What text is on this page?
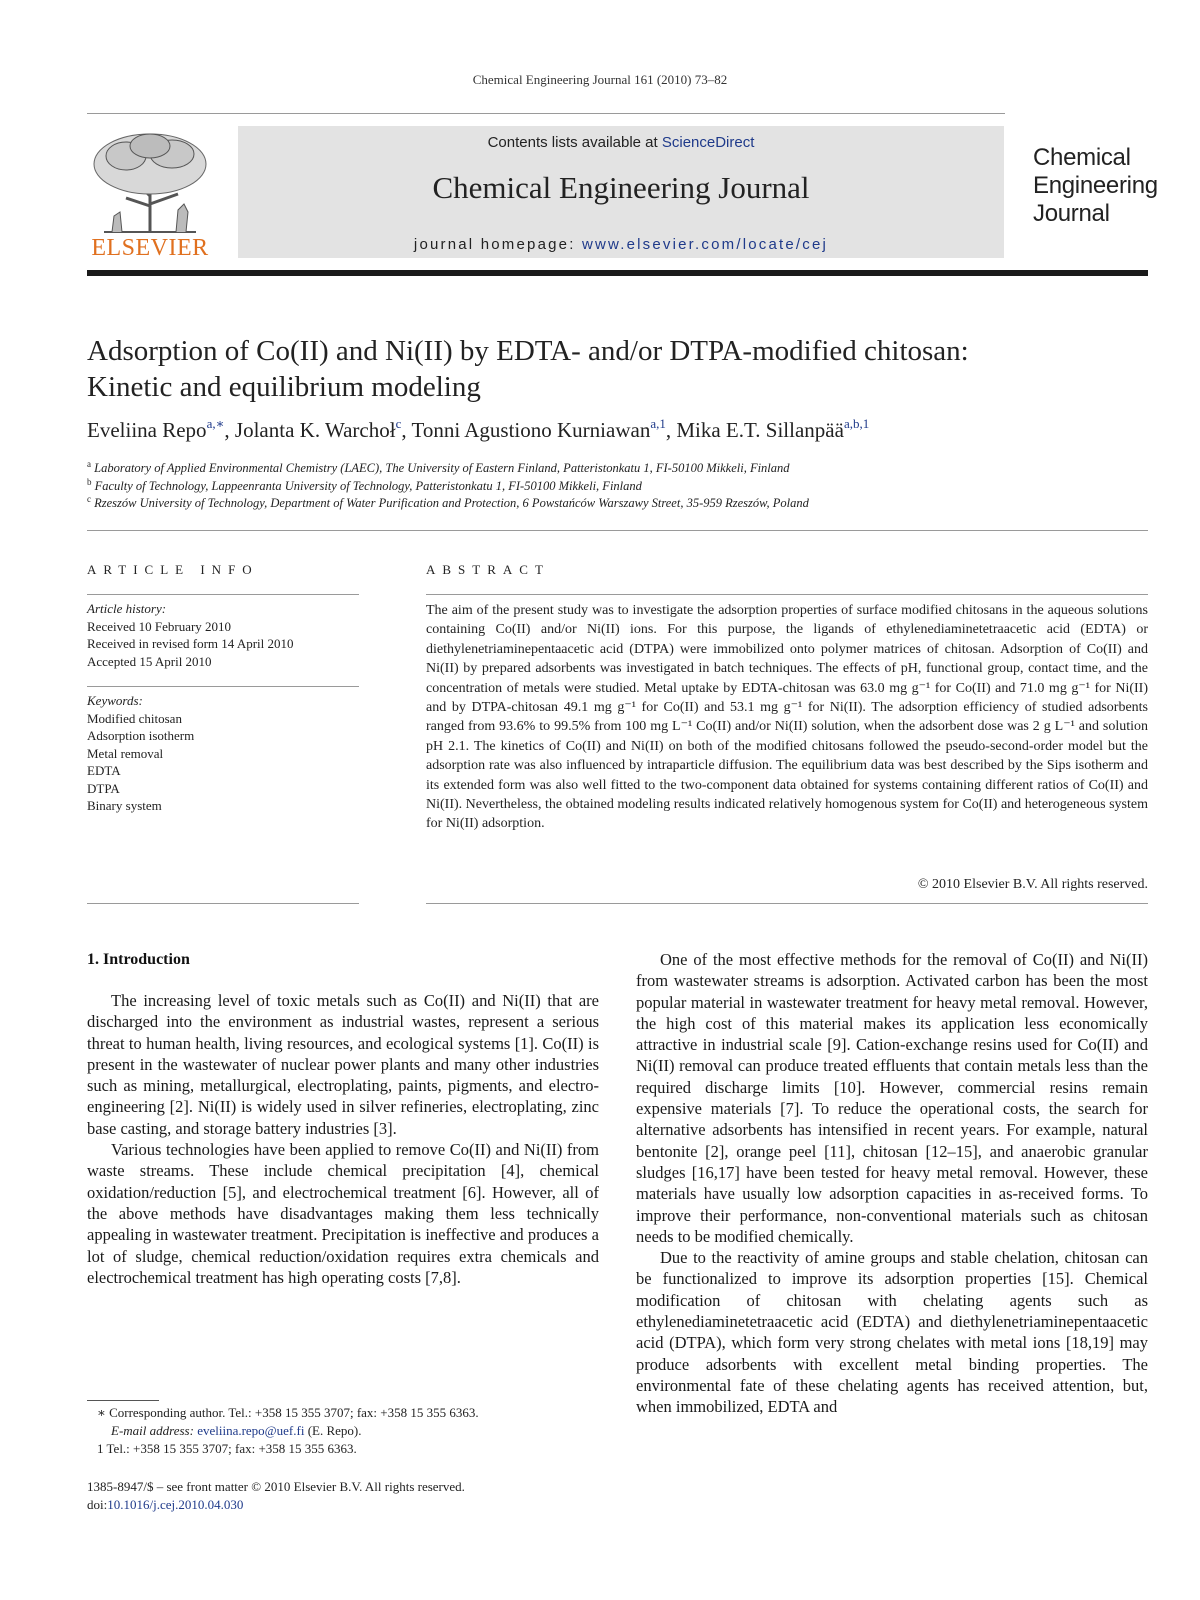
Chemical Engineering Journal 161 (2010) 73–82
ELSEVIER
Contents lists available at ScienceDirect
Chemical Engineering Journal
journal homepage: www.elsevier.com/locate/cej
Chemical
Engineering
Journal
Adsorption of Co(II) and Ni(II) by EDTA- and/or DTPA-modified chitosan:
Kinetic and equilibrium modeling
Eveliina Repo$^{a,∗}$, Jolanta K. Warchoł$^c$, Tonni Agustiono Kurniawan$^{a,1}$, Mika E.T. Sillanpää$^{a,b,1}$
$^a$ Laboratory of Applied Environmental Chemistry (LAEC), The University of Eastern Finland, Patteristonkatu 1, FI-50100 Mikkeli, Finland
$^b$ Faculty of Technology, Lappeenranta University of Technology, Patteristonkatu 1, FI-50100 Mikkeli, Finland
$^c$ Rzeszów University of Technology, Department of Water Purification and Protection, 6 Powstańców Warszawy Street, 35-959 Rzeszów, Poland
ARTICLE INFO
Article history:
Received 10 February 2010
Received in revised form 14 April 2010
Accepted 15 April 2010
Keywords:
Modified chitosan
Adsorption isotherm
Metal removal
EDTA
DTPA
Binary system
ABSTRACT
The aim of the present study was to investigate the adsorption properties of surface modified chitosans in the aqueous solutions containing Co(II) and/or Ni(II) ions. For this purpose, the ligands of ethylenediaminetetraacetic acid (EDTA) or diethylenetriaminepentaacetic acid (DTPA) were immobilized onto polymer matrices of chitosan. Adsorption of Co(II) and Ni(II) by prepared adsorbents was investigated in batch techniques. The effects of pH, functional group, contact time, and the concentration of metals were studied. Metal uptake by EDTA-chitosan was 63.0 mg g⁻¹ for Co(II) and 71.0 mg g⁻¹ for Ni(II) and by DTPA-chitosan 49.1 mg g⁻¹ for Co(II) and 53.1 mg g⁻¹ for Ni(II). The adsorption efficiency of studied adsorbents ranged from 93.6% to 99.5% from 100 mg L⁻¹ Co(II) and/or Ni(II) solution, when the adsorbent dose was 2 g L⁻¹ and solution pH 2.1. The kinetics of Co(II) and Ni(II) on both of the modified chitosans followed the pseudo-second-order model but the adsorption rate was also influenced by intraparticle diffusion. The equilibrium data was best described by the Sips isotherm and its extended form was also well fitted to the two-component data obtained for systems containing different ratios of Co(II) and Ni(II). Nevertheless, the obtained modeling results indicated relatively homogenous system for Co(II) and heterogeneous system for Ni(II) adsorption.
© 2010 Elsevier B.V. All rights reserved.
1. Introduction

The increasing level of toxic metals such as Co(II) and Ni(II) that are discharged into the environment as industrial wastes, represent a serious threat to human health, living resources, and ecological systems [1]. Co(II) is present in the wastewater of nuclear power plants and many other industries such as mining, metallurgical, electroplating, paints, pigments, and electro-engineering [2]. Ni(II) is widely used in silver refineries, electroplating, zinc base casting, and storage battery industries [3].

Various technologies have been applied to remove Co(II) and Ni(II) from waste streams. These include chemical precipitation [4], chemical oxidation/reduction [5], and electrochemical treatment [6]. However, all of the above methods have disadvantages making them less technically appealing in wastewater treatment. Precipitation is ineffective and produces a lot of sludge, chemical reduction/oxidation requires extra chemicals and electrochemical treatment has high operating costs [7,8].

One of the most effective methods for the removal of Co(II) and Ni(II) from wastewater streams is adsorption. Activated carbon has been the most popular material in wastewater treatment for heavy metal removal. However, the high cost of this material makes its application less economically attractive in industrial scale [9]. Cation-exchange resins used for Co(II) and Ni(II) removal can produce treated effluents that contain metals less than the required discharge limits [10]. However, commercial resins remain expensive materials [7]. To reduce the operational costs, the search for alternative adsorbents has intensified in recent years. For example, natural bentonite [2], orange peel [11], chitosan [12–15], and anaerobic granular sludges [16,17] have been tested for heavy metal removal. However, these materials have usually low adsorption capacities in as-received forms. To improve their performance, non-conventional materials such as chitosan needs to be modified chemically.

Due to the reactivity of amine groups and stable chelation, chitosan can be functionalized to improve its adsorption properties [15]. Chemical modification of chitosan with chelating agents such as ethylenediaminetetraacetic acid (EDTA) and diethylenetriaminepentaacetic acid (DTPA), which form very strong chelates with metal ions [18,19] may produce adsorbents with excellent metal binding properties. The environmental fate of these chelating agents has received attention, but, when immobilized, EDTA and

∗ Corresponding author. Tel.: +358 15 355 3707; fax: +358 15 355 6363.
E-mail address: eveliina.repo@uef.fi (E. Repo).
1 Tel.: +358 15 355 3707; fax: +358 15 355 6363.
1385-8947/$ – see front matter © 2010 Elsevier B.V. All rights reserved.
doi:10.1016/j.cej.2010.04.030
